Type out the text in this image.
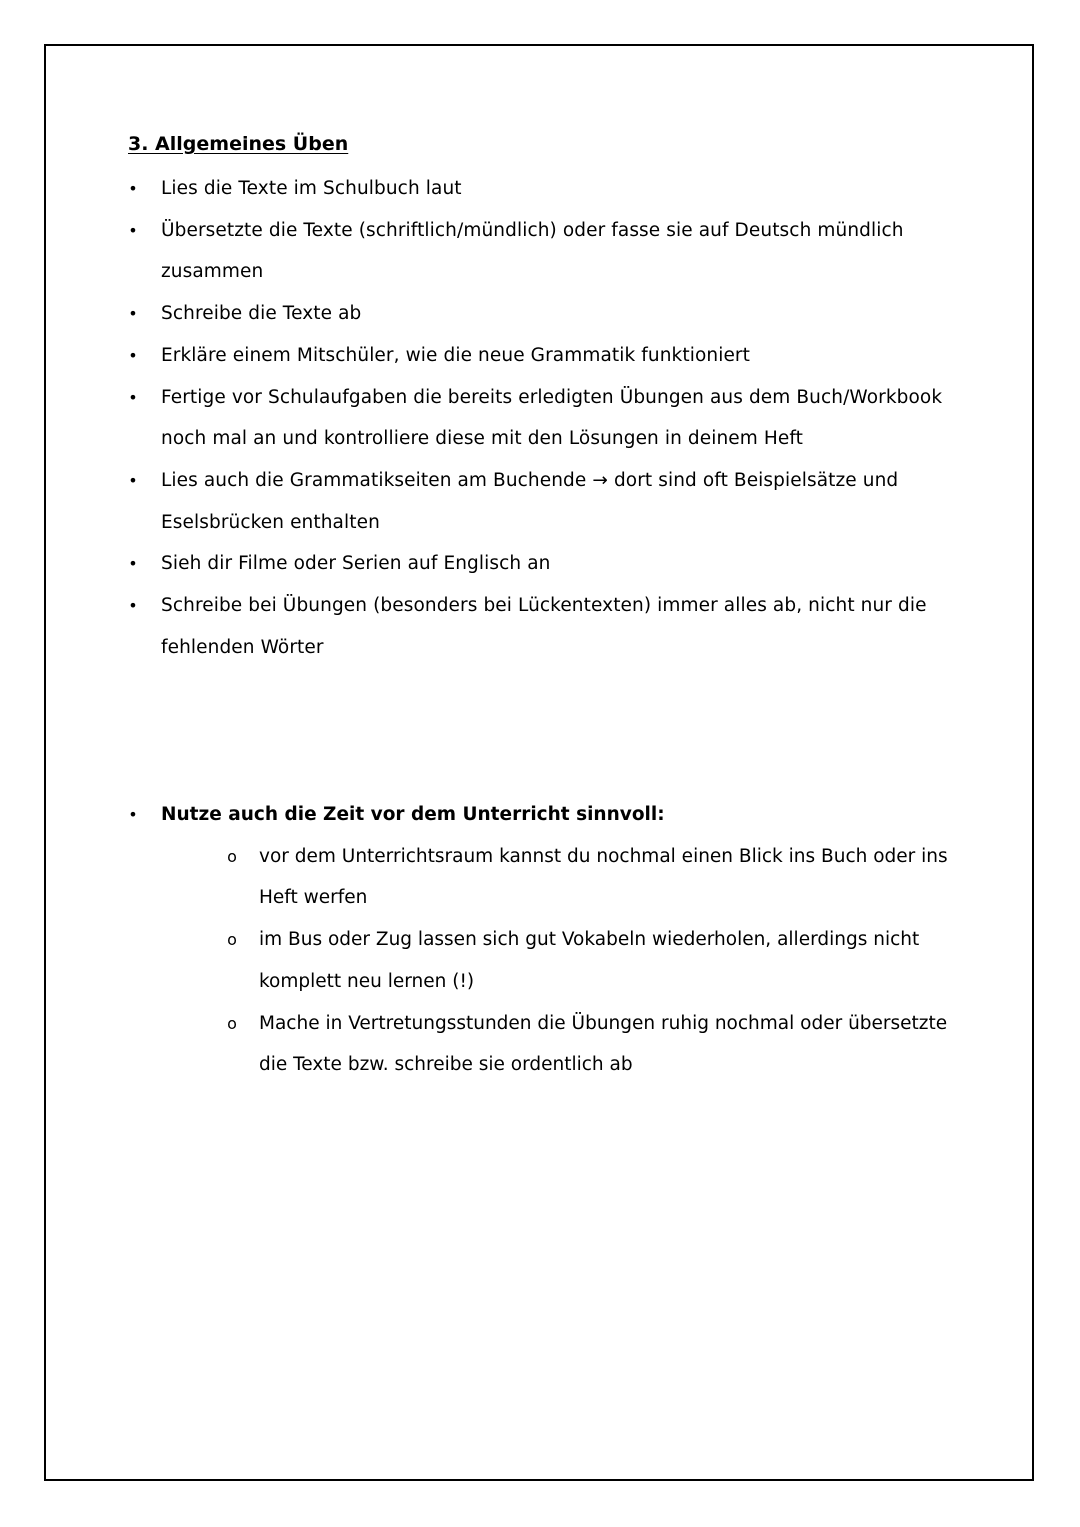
3. Allgemeines Üben
• Lies die Texte im Schulbuch laut
• Übersetzte die Texte (schriftlich/mündlich) oder fasse sie auf Deutsch mündlich zusammen
• Schreibe die Texte ab
• Erkläre einem Mitschüler, wie die neue Grammatik funktioniert
• Fertige vor Schulaufgaben die bereits erledigten Übungen aus dem Buch/Workbook noch mal an und kontrolliere diese mit den Lösungen in deinem Heft
• Lies auch die Grammatikseiten am Buchende → dort sind oft Beispielsätze und Eselsbrücken enthalten
• Sieh dir Filme oder Serien auf Englisch an
• Schreibe bei Übungen (besonders bei Lückentexten) immer alles ab, nicht nur die fehlenden Wörter
• Nutze auch die Zeit vor dem Unterricht sinnvoll:
o vor dem Unterrichtsraum kannst du nochmal einen Blick ins Buch oder ins Heft werfen
o im Bus oder Zug lassen sich gut Vokabeln wiederholen, allerdings nicht komplett neu lernen (!)
o Mache in Vertretungsstunden die Übungen ruhig nochmal oder übersetzte die Texte bzw. schreibe sie ordentlich ab
